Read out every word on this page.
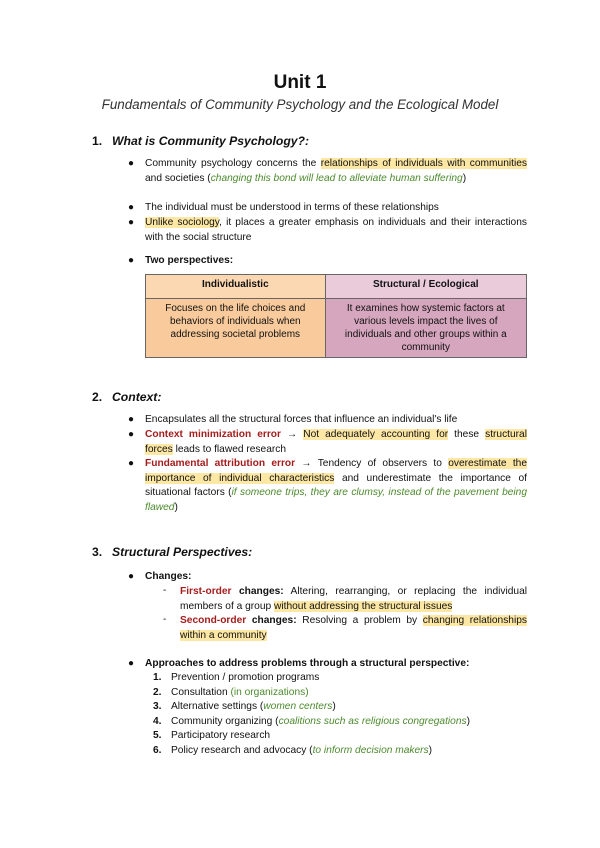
Unit 1
Fundamentals of Community Psychology and the Ecological Model
1. What is Community Psychology?:
●	Community psychology concerns the relationships of individuals with communities and societies (changing this bond will lead to alleviate human suffering)
●	The individual must be understood in terms of these relationships
●	Unlike sociology, it places a greater emphasis on individuals and their interactions with the social structure
●	Two perspectives:
Individualistic	Structural / Ecological
Focuses on the life choices and behaviors of individuals when addressing societal problems	It examines how systemic factors at various levels impact the lives of individuals and other groups within a community
2. Context:
●	Encapsulates all the structural forces that influence an individual's life
●	Context minimization error → Not adequately accounting for these structural forces leads to flawed research
●	Fundamental attribution error → Tendency of observers to overestimate the importance of individual characteristics and underestimate the importance of situational factors (if someone trips, they are clumsy, instead of the pavement being flawed)
3. Structural Perspectives:
●	Changes:
- First-order changes: Altering, rearranging, or replacing the individual members of a group without addressing the structural issues
- Second-order changes: Resolving a problem by changing relationships within a community
●	Approaches to address problems through a structural perspective:
1. Prevention / promotion programs
2. Consultation (in organizations)
3. Alternative settings (women centers)
4. Community organizing (coalitions such as religious congregations)
5. Participatory research
6. Policy research and advocacy (to inform decision makers)
